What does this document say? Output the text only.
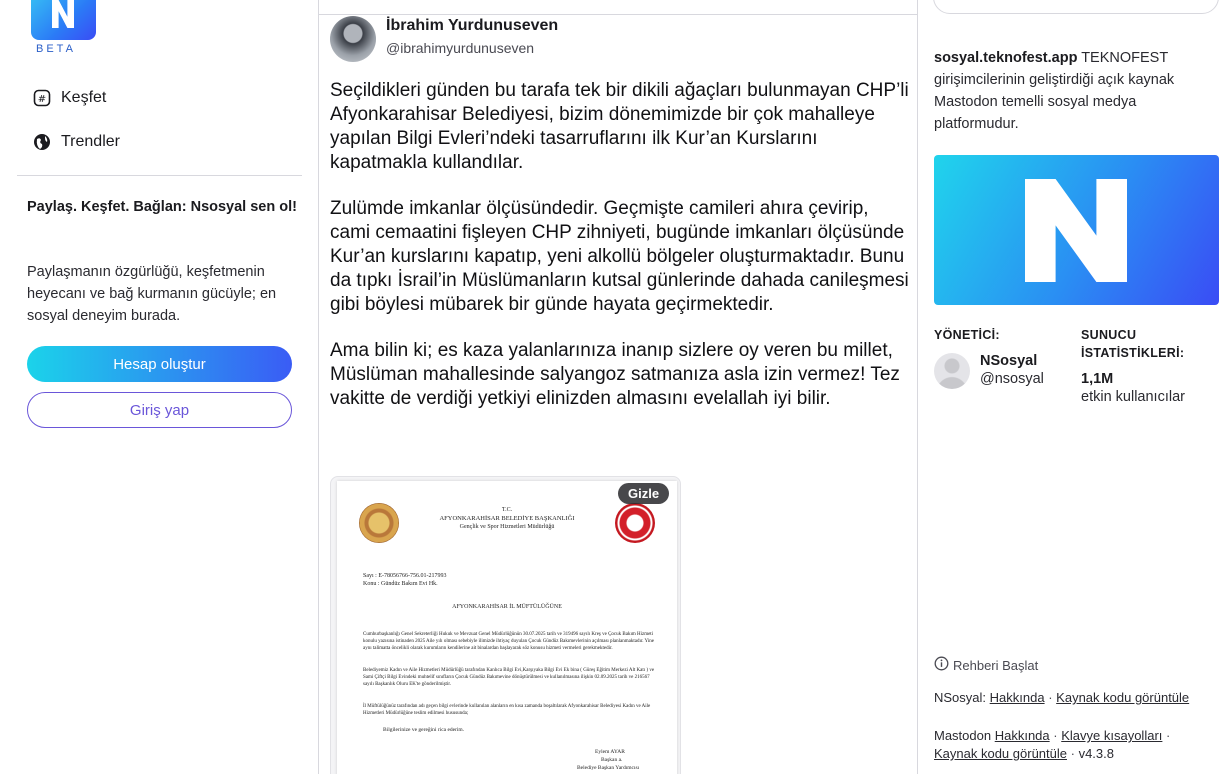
BETA
# Keşfet
Trendler
Paylaş. Keşfet. Bağlan: Nsosyal sen ol!
Paylaşmanın özgürlüğü, keşfetmenin heyecanı ve bağ kurmanın gücüyle; en sosyal deneyim burada.
Hesap oluştur
Giriş yap
İbrahim Yurdunuseven
@ibrahimyurdunuseven

Seçildikleri günden bu tarafa tek bir dikili ağaçları bulunmayan CHP’li Afyonkarahisar Belediyesi, bizim dönemimizde bir çok mahalleye yapılan Bilgi Evleri’ndeki tasarruflarını ilk Kur’an Kurslarını kapatmakla kullandılar.

Zulümde imkanlar ölçüsündedir. Geçmişte camileri ahıra çevirip, cami cemaatini fişleyen CHP zihniyeti, bugünde imkanları ölçüsünde Kur’an kurslarını kapatıp, yeni alkollü bölgeler oluşturmaktadır. Bunu da tıpkı İsrail’in Müslümanların kutsal günlerinde dahada canileşmesi gibi böylesi mübarek bir günde hayata geçirmektedir.

Ama bilin ki; es kaza yalanlarınıza inanıp sizlere oy veren bu millet, Müslüman mahallesinde salyangoz satmanıza asla izin vermez! Tez vakitte de verdiği yetkiyi elinizden almasını evelallah iyi bilir.

T.C.
AFYONKARAHİSAR BELEDİYE BAŞKANLIĞI
Gençlik ve Spor Hizmetleri Müdürlüğü
Sayı : E-78056766-756.01-217993
Konu : Gündüz Bakım Evi Hk.
AFYONKARAHİSAR İL MÜFTÜLÜĞÜNE
Cumhurbaşkanlığı Genel Sekreterliği Hukuk ve Mevzuat Genel Müdürlüğünün 30.07.2025 tarih ve 319496 sayılı Kreş ve Çocuk Bakım Hizmeti konulu yazısına istinaden 2025 Aile yılı olması sebebiyle ilimizde ihtiyaç duyulan Çocuk Gündüz Bakımevlerinin açılması planlanmaktadır. Yine aynı talimatta öncelikli olarak kurumların kendilerine ait binalardan başlayarak söz konusu hizmeti vermeleri gerekmektedir.
Belediyemiz Kadın ve Aile Hizmetleri Müdürlüğü tarafından Kanlıca Bilgi Evi,Karşıyaka Bilgi Evi Ek bina ( Güreş Eğitim Merkezi Alt Katı ) ve Sami Çiftçi Bilgi Evindeki muhtelif sınıfların Çocuk Gündüz Bakımevine dönüştürülmesi ve kullanılmasına ilişkin 02.09.2025 tarih ve 216567 sayılı Başkanlık Oluru EK'te gönderilmiştir.
İl Müftülüğünüz tarafından adı geçen bilgi evlerinde kullanılan alanların en kısa zamanda boşaltılarak Afyonkarahisar Belediyesi Kadın ve Aile Hizmetleri Müdürlüğüne teslim edilmesi hususunda;
Bilgilerinize ve gereğini rica ederim.
Eylem AYAR
Başkan a.
Belediye Başkan Yardımcısı
Gizle
sosyal.teknofest.app TEKNOFEST girişimcilerinin geliştirdiği açık kaynak Mastodon temelli sosyal medya platformudur.
YÖNETİCİ:	SUNUCU
İSTATİSTİKLERİ:
NSosyal
@nsosyal	1,1M
etkin kullanıcılar
Rehberi Başlat
NSosyal: Hakkında · Kaynak kodu görüntüle
Mastodon Hakkında · Klavye kısayolları ·
Kaynak kodu görüntüle · v4.3.8
